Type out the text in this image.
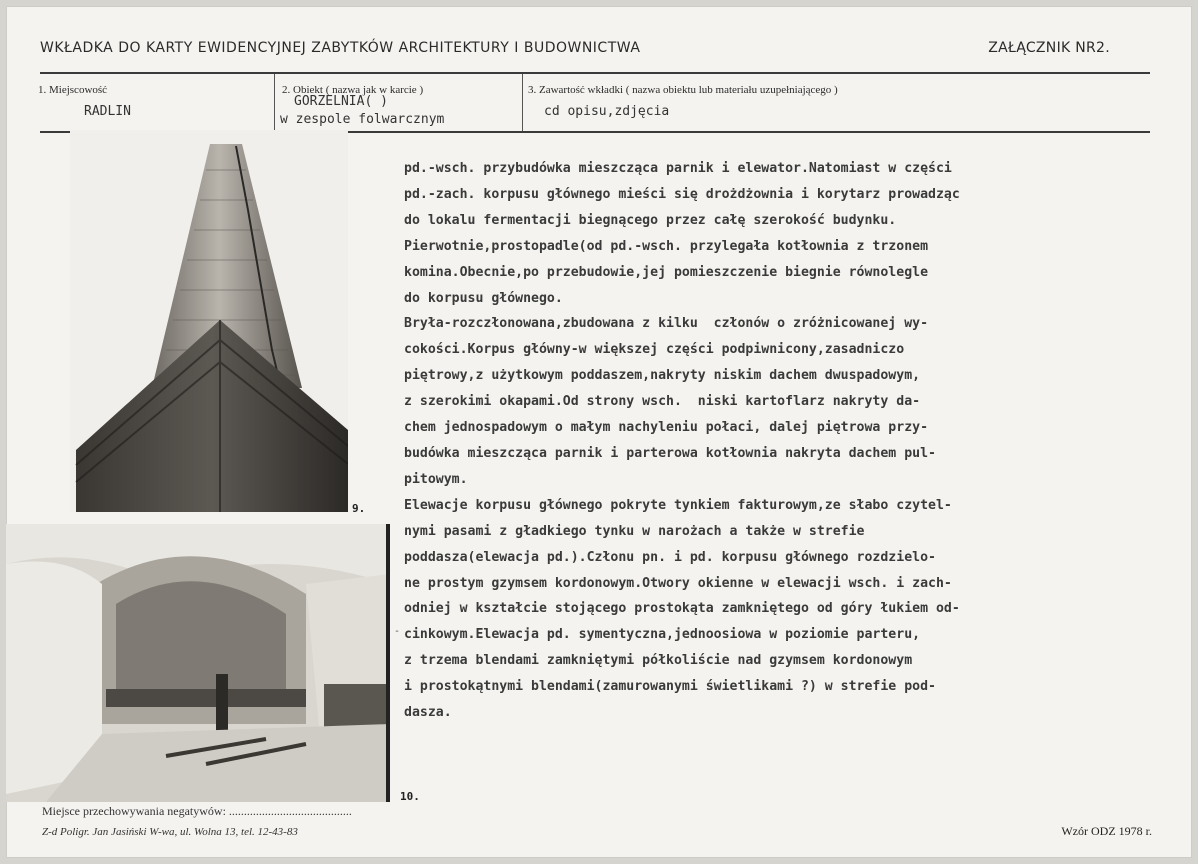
WKŁADKA DO KARTY EWIDENCYJNEJ ZABYTKÓW ARCHITEKTURY I BUDOWNICTWA	ZAŁĄCZNIK NR2.
1. Miejscowość
RADLIN
2. Obiekt ( nazwa jak w karcie )
GORZELNIA( )
w zespole folwarcznym
3. Zawartość wkładki ( nazwa obiektu lub materiału uzupełniającego )
cd opisu,zdjęcia
9.
10.
-
pd.-wsch. przybudówka mieszcząca parnik i elewator.Natomiast w części
pd.-zach. korpusu głównego mieści się drożdżownia i korytarz prowadząc
do lokalu fermentacji biegnącego przez całę szerokość budynku.
Pierwotnie,prostopadle(od pd.-wsch. przylegała kotłownia z trzonem
komina.Obecnie,po przebudowie,jej pomieszczenie biegnie równolegle
do korpusu głównego.
Bryła-rozczłonowana,zbudowana z kilku  członów o zróżnicowanej wy-
cokości.Korpus główny-w większej części podpiwnicony,zasadniczo
piętrowy,z użytkowym poddaszem,nakryty niskim dachem dwuspadowym,
z szerokimi okapami.Od strony wsch.  niski kartoflarz nakryty da-
chem jednospadowym o małym nachyleniu połaci, dalej piętrowa przy-
budówka mieszcząca parnik i parterowa kotłownia nakryta dachem pul-
pitowym.
Elewacje korpusu głównego pokryte tynkiem fakturowym,ze słabo czytel-
nymi pasami z gładkiego tynku w narożach a także w strefie
poddasza(elewacja pd.).Członu pn. i pd. korpusu głównego rozdzielo-
ne prostym gzymsem kordonowym.Otwory okienne w elewacji wsch. i zach-
odniej w kształcie stojącego prostokąta zamkniętego od góry łukiem od-
cinkowym.Elewacja pd. symentyczna,jednoosiowa w poziomie parteru,
z trzema blendami zamkniętymi półkoliście nad gzymsem kordonowym
i prostokątnymi blendami(zamurowanymi świetlikami ?) w strefie pod-
dasza.
Miejsce przechowywania negatywów: .........................................
Z-d Poligr. Jan Jasiński W-wa, ul. Wolna 13, tel. 12-43-83	Wzór ODZ 1978 r.
